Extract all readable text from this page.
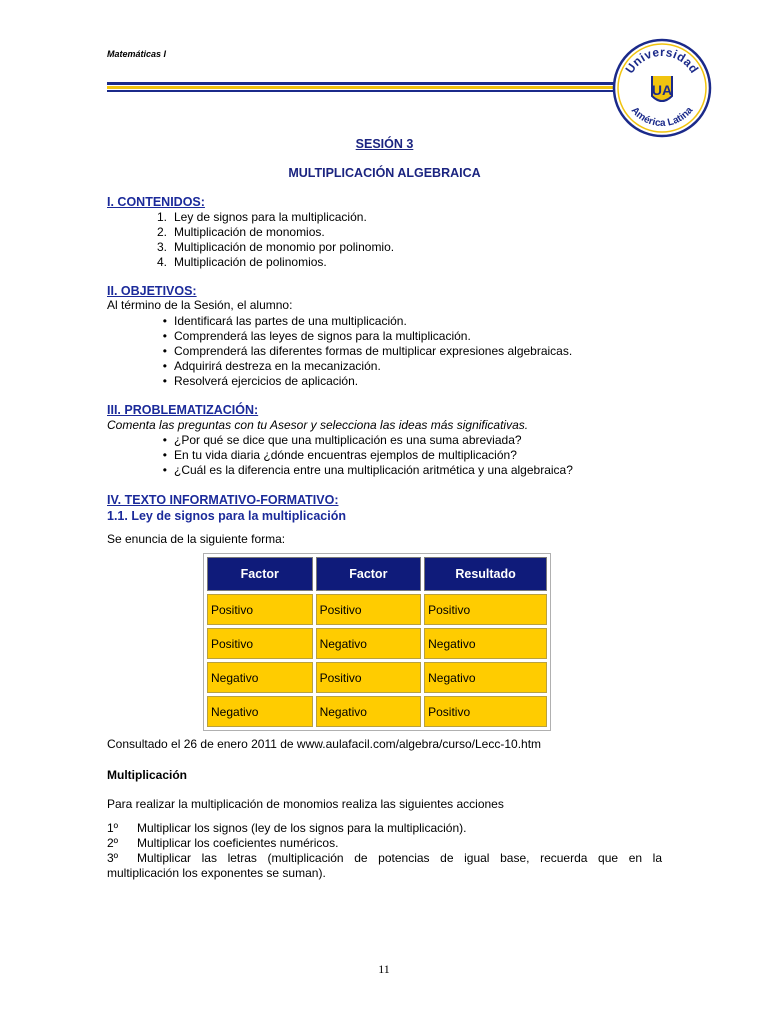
Matemáticas I
Universidad
América Latina
UA
SESIÓN 3
MULTIPLICACIÓN ALGEBRAICA
I. CONTENIDOS:
1. Ley de signos para la multiplicación.
2. Multiplicación de monomios.
3. Multiplicación de monomio por polinomio.
4. Multiplicación de polinomios.
II. OBJETIVOS:
Al término de la Sesión, el alumno:
• Identificará las partes de una multiplicación.
• Comprenderá las leyes de signos para la multiplicación.
• Comprenderá las diferentes formas de multiplicar expresiones algebraicas.
• Adquirirá destreza en la mecanización.
• Resolverá ejercicios de aplicación.
III. PROBLEMATIZACIÓN:
Comenta las preguntas con tu Asesor y selecciona las ideas más significativas.
• ¿Por qué se dice que una multiplicación es una suma abreviada?
• En tu vida diaria ¿dónde encuentras ejemplos de multiplicación?
• ¿Cuál es la diferencia entre una multiplicación aritmética y una algebraica?
IV. TEXTO INFORMATIVO-FORMATIVO:
1.1. Ley de signos para la multiplicación
Se enuncia de la siguiente forma:
Factor	Factor	Resultado
Positivo	Positivo	Positivo
Positivo	Negativo	Negativo
Negativo	Positivo	Negativo
Negativo	Negativo	Positivo
Consultado el 26 de enero 2011 de www.aulafacil.com/algebra/curso/Lecc-10.htm
Multiplicación
Para realizar la multiplicación de monomios realiza las siguientes acciones
1º	Multiplicar los signos (ley de los signos para la multiplicación).
2º	Multiplicar los coeficientes numéricos.
3º	Multiplicar las letras (multiplicación de potencias de igual base, recuerda que en la
multiplicación los exponentes se suman).
11
